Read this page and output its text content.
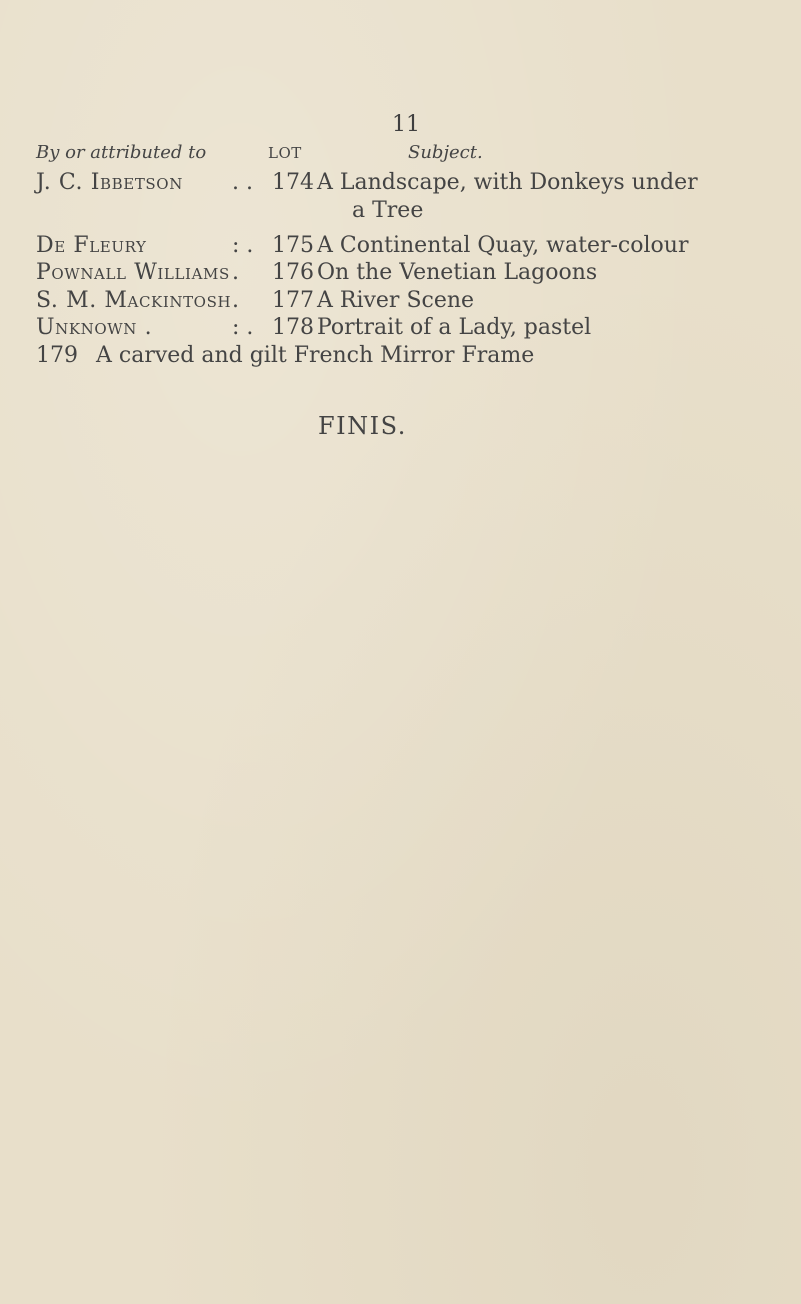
11
By or attributed to	LOT	Subject.
J. C. Ibbetson . . 174 A Landscape, with Donkeys under
a Tree
De Fleury	: . 175 A Continental Quay, water-colour
Pownall Williams .	176 On the Venetian Lagoons
S. M. Mackintosh .	177 A River Scene
Unknown .	: . 178 Portrait of a Lady, pastel
179 A carved and gilt French Mirror Frame
FINIS.
